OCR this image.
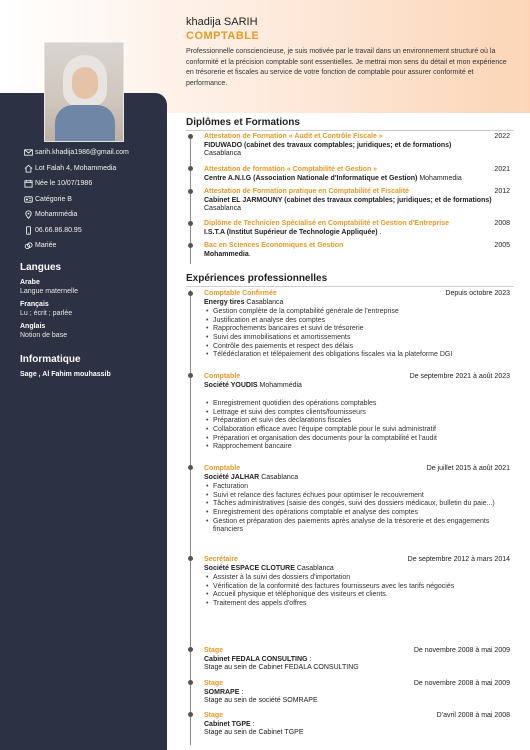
khadija SARIH
COMPTABLE
Professionnelle consciencieuse, je suis motivée par le travail dans un environnement structuré où la conformité et la précision comptable sont essentielles. Je mettrai mon sens du détail et mon expérience en trésorerie et fiscales au service de votre fonction de comptable pour assurer conformité et performance.
sarih.khadija1986@gmail.com
Lot Falah 4, Mohammedia
Née le 10/07/1986
Catégorie B
Mohammédia
06.66.86.80.95
Mariée
Langues
Arabe
Langue maternelle
Français
Lu ; écrit ; parlée
Anglais
Notion de base
Informatique
Sage , Al Fahim mouhassib
Diplômes et Formations
Attestation de Formation « Audit et Contrôle Fiscale »	2022
FIDUWADO (cabinet des travaux comptables; juridiques; et de formations)
Casablanca
Attestation de formation « Comptabilité et Gestion »	2021
Centre A.N.I.G (Association Nationale d'Informatique et Gestion) Mohammedia
Attestation de Formation pratique en Comptabilité et Fiscalité	2012
Cabinet EL JARMOUNY (cabinet des travaux comptables; juridiques; et de formations) Casablanca
Diplôme de Technicien Spécialisé en Comptabilité et Gestion d'Entreprise	2008
I.S.T.A (Institut Supérieur de Technologie Appliquée) .
Bac en Sciences Economiques et Gestion	2005
Mohammedia.
Expériences professionnelles
Comptable Confirmée	Depuis octobre 2023
Energy tires Casablanca
• Gestion complète de la comptabilité générale de l'entreprise
• Justification et analyse des comptes
• Rapprochements bancaires et suivi de trésorerie
• Suivi des immobilisations et amortissements
• Contrôle des paiements et respect des délais
• Télédéclaration et télépaiement des obligations fiscales via la plateforme DGI
Comptable	De septembre 2021 à août 2023
Société YOUDIS Mohammédia
• Enregistrement quotidien des opérations comptables
• Lettrage et suivi des comptes clients/fournisseurs
• Préparation et suivi des déclarations fiscales
• Collaboration efficace avec l'équipe comptable pour le suivi administratif
• Préparation et organisation des documents pour la comptabilité et l'audit
• Rapprochement bancaire
Comptable	De juillet 2015 à août 2021
Société JALHAR Casablanca
• Facturation
• Suivi et relance des factures échues pour optimiser le recouvrement
• Tâches administratives (saisie des congés, suivi des dossiers médicaux, bulletin du paie...)
• Enregistrement des opérations comptable et analyse des comptes
• Gestion et préparation des paiements après analyse de la trésorerie et des engagements financiers
Secrétaire	De septembre 2012 à mars 2014
Société ESPACE CLOTURE Casablanca
• Assister à la suivi des dossiers d'importation
• Vérification de la conformité des factures fournisseurs avec les tarifs négociés
• Accueil physique et téléphonique des visiteurs et clients.
• Traitement des appels d'offres
Stage	De novembre 2008 à mai 2009
Cabinet FEDALA CONSULTING :
Stage au sein de Cabinet FEDALA CONSULTING
Stage	De novembre 2008 à mai 2009
SOMRAPE :
Stage au sein de société SOMRAPE
Stage	D'avril 2008 à mai 2008
Cabinet TGPE :
Stage au sein de Cabinet TGPE
